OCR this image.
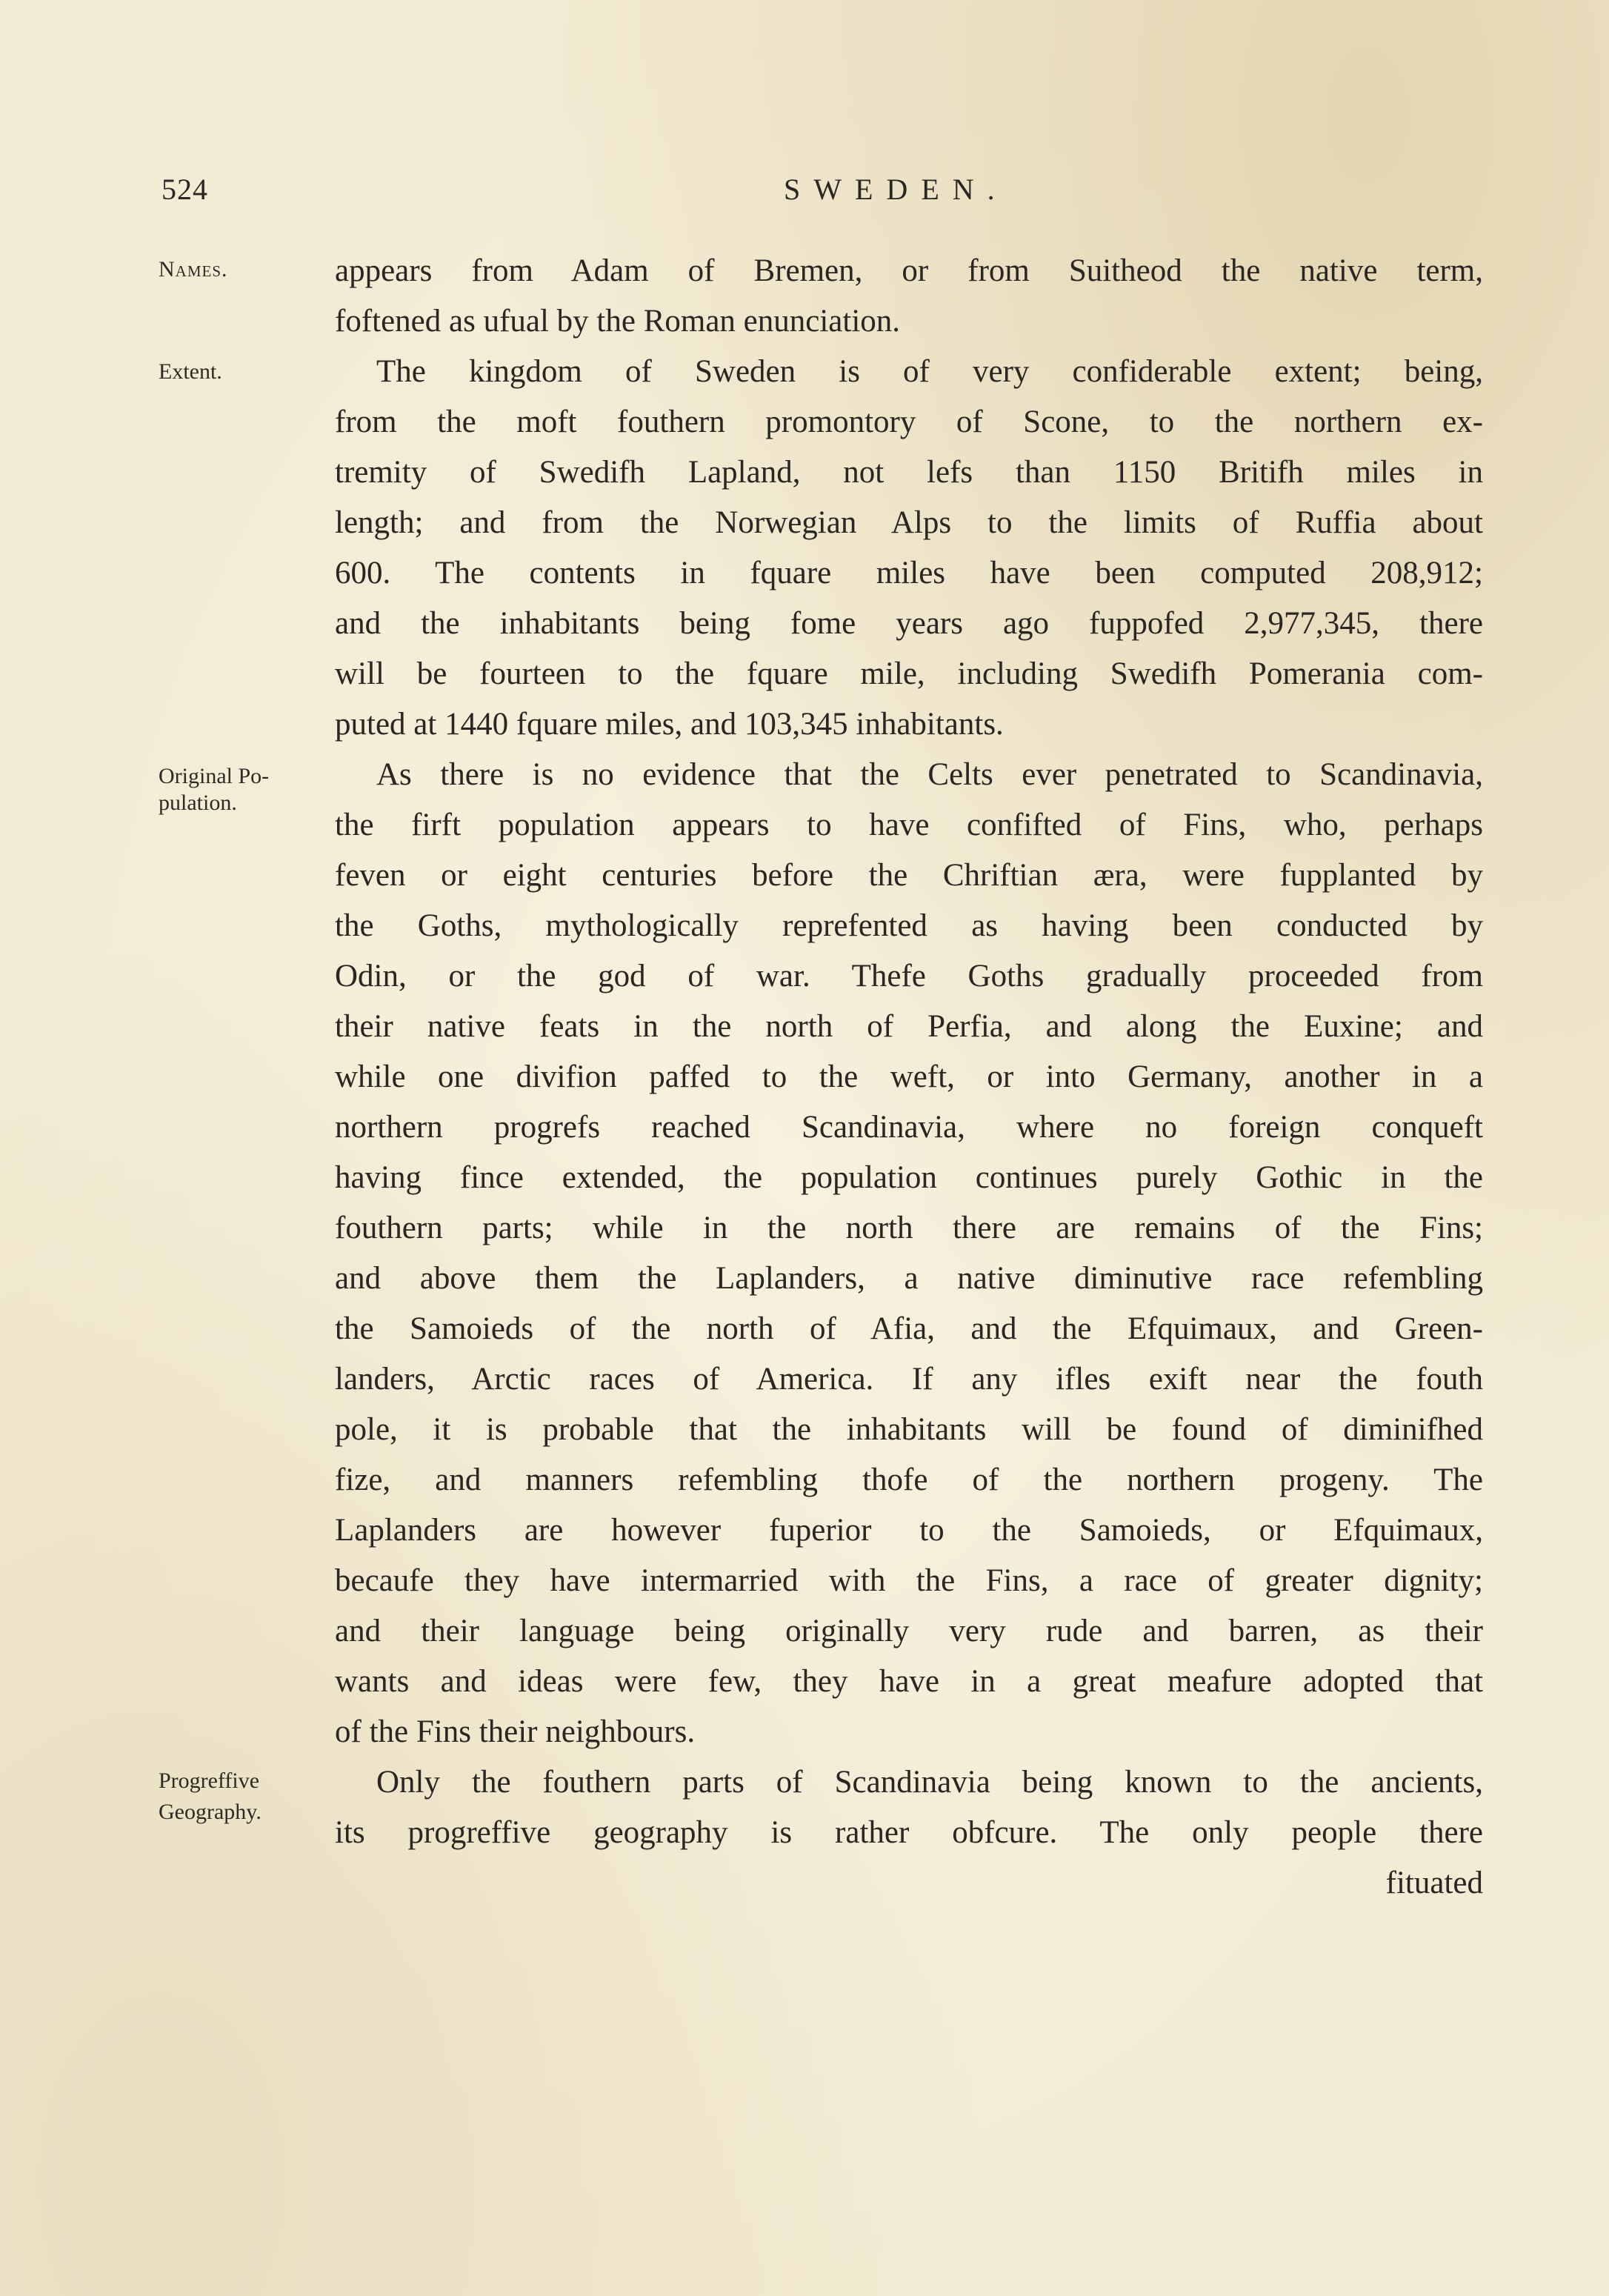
524	SWEDEN.
Names.
Extent.
Original Po-
pulation.
Progreffive
Geography.
appears from Adam of Bremen, or from Suitheod the native term,
foftened as ufual by the Roman enunciation.
The kingdom of Sweden is of very confiderable extent; being,
from the moft fouthern promontory of Scone, to the northern ex-
tremity of Swedifh Lapland, not lefs than 1150 Britifh miles in
length; and from the Norwegian Alps to the limits of Ruffia about
600. The contents in fquare miles have been computed 208,912;
and the inhabitants being fome years ago fuppofed 2,977,345, there
will be fourteen to the fquare mile, including Swedifh Pomerania com-
puted at 1440 fquare miles, and 103,345 inhabitants.
As there is no evidence that the Celts ever penetrated to Scandinavia,
the firft population appears to have confifted of Fins, who, perhaps
feven or eight centuries before the Chriftian æra, were fupplanted by
the Goths, mythologically reprefented as having been conducted by
Odin, or the god of war. Thefe Goths gradually proceeded from
their native feats in the north of Perfia, and along the Euxine; and
while one divifion paffed to the weft, or into Germany, another in a
northern progrefs reached Scandinavia, where no foreign conqueft
having fince extended, the population continues purely Gothic in the
fouthern parts; while in the north there are remains of the Fins;
and above them the Laplanders, a native diminutive race refembling
the Samoieds of the north of Afia, and the Efquimaux, and Green-
landers, Arctic races of America. If any ifles exift near the fouth
pole, it is probable that the inhabitants will be found of diminifhed
fize, and manners refembling thofe of the northern progeny. The
Laplanders are however fuperior to the Samoieds, or Efquimaux,
becaufe they have intermarried with the Fins, a race of greater dignity;
and their language being originally very rude and barren, as their
wants and ideas were few, they have in a great meafure adopted that
of the Fins their neighbours.
Only the fouthern parts of Scandinavia being known to the ancients,
its progreffive geography is rather obfcure. The only people there
fituated
